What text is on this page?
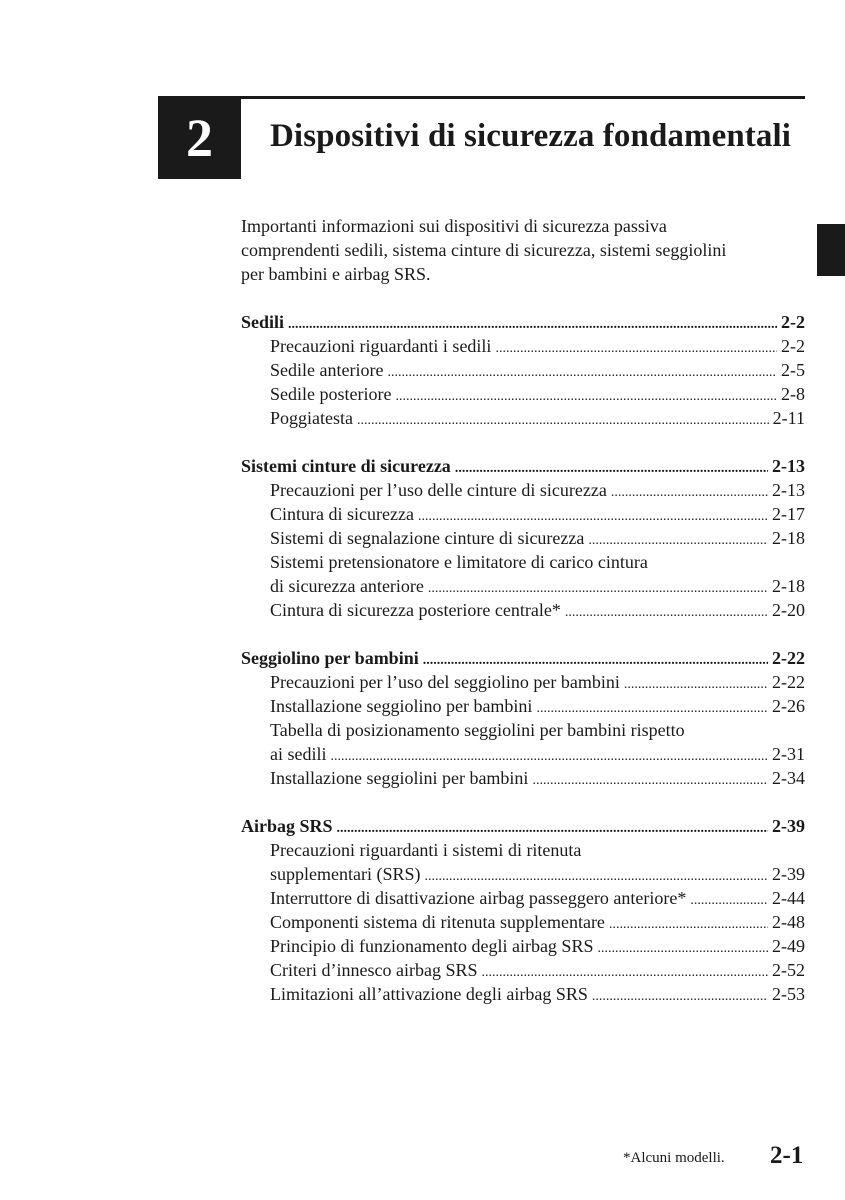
2 Dispositivi di sicurezza fondamentali
Importanti informazioni sui dispositivi di sicurezza passiva
comprendenti sedili, sistema cinture di sicurezza, sistemi seggiolini
per bambini e airbag SRS.
Sedili .....	2-2
Precauzioni riguardanti i sedili .....	2-2
Sedile anteriore .....	2-5
Sedile posteriore .....	2-8
Poggiatesta .....	2-11
Sistemi cinture di sicurezza .....	2-13
Precauzioni per l’uso delle cinture di sicurezza .....	2-13
Cintura di sicurezza .....	2-17
Sistemi di segnalazione cinture di sicurezza .....	2-18
Sistemi pretensionatore e limitatore di carico cintura
di sicurezza anteriore .....	2-18
Cintura di sicurezza posteriore centrale* .....	2-20
Seggiolino per bambini .....	2-22
Precauzioni per l’uso del seggiolino per bambini .....	2-22
Installazione seggiolino per bambini .....	2-26
Tabella di posizionamento seggiolini per bambini rispetto
ai sedili .....	2-31
Installazione seggiolini per bambini .....	2-34
Airbag SRS .....	2-39
Precauzioni riguardanti i sistemi di ritenuta
supplementari (SRS) .....	2-39
Interruttore di disattivazione airbag passeggero anteriore* .....	2-44
Componenti sistema di ritenuta supplementare .....	2-48
Principio di funzionamento degli airbag SRS .....	2-49
Criteri d’innesco airbag SRS .....	2-52
Limitazioni all’attivazione degli airbag SRS .....	2-53
*Alcuni modelli. 2-1
